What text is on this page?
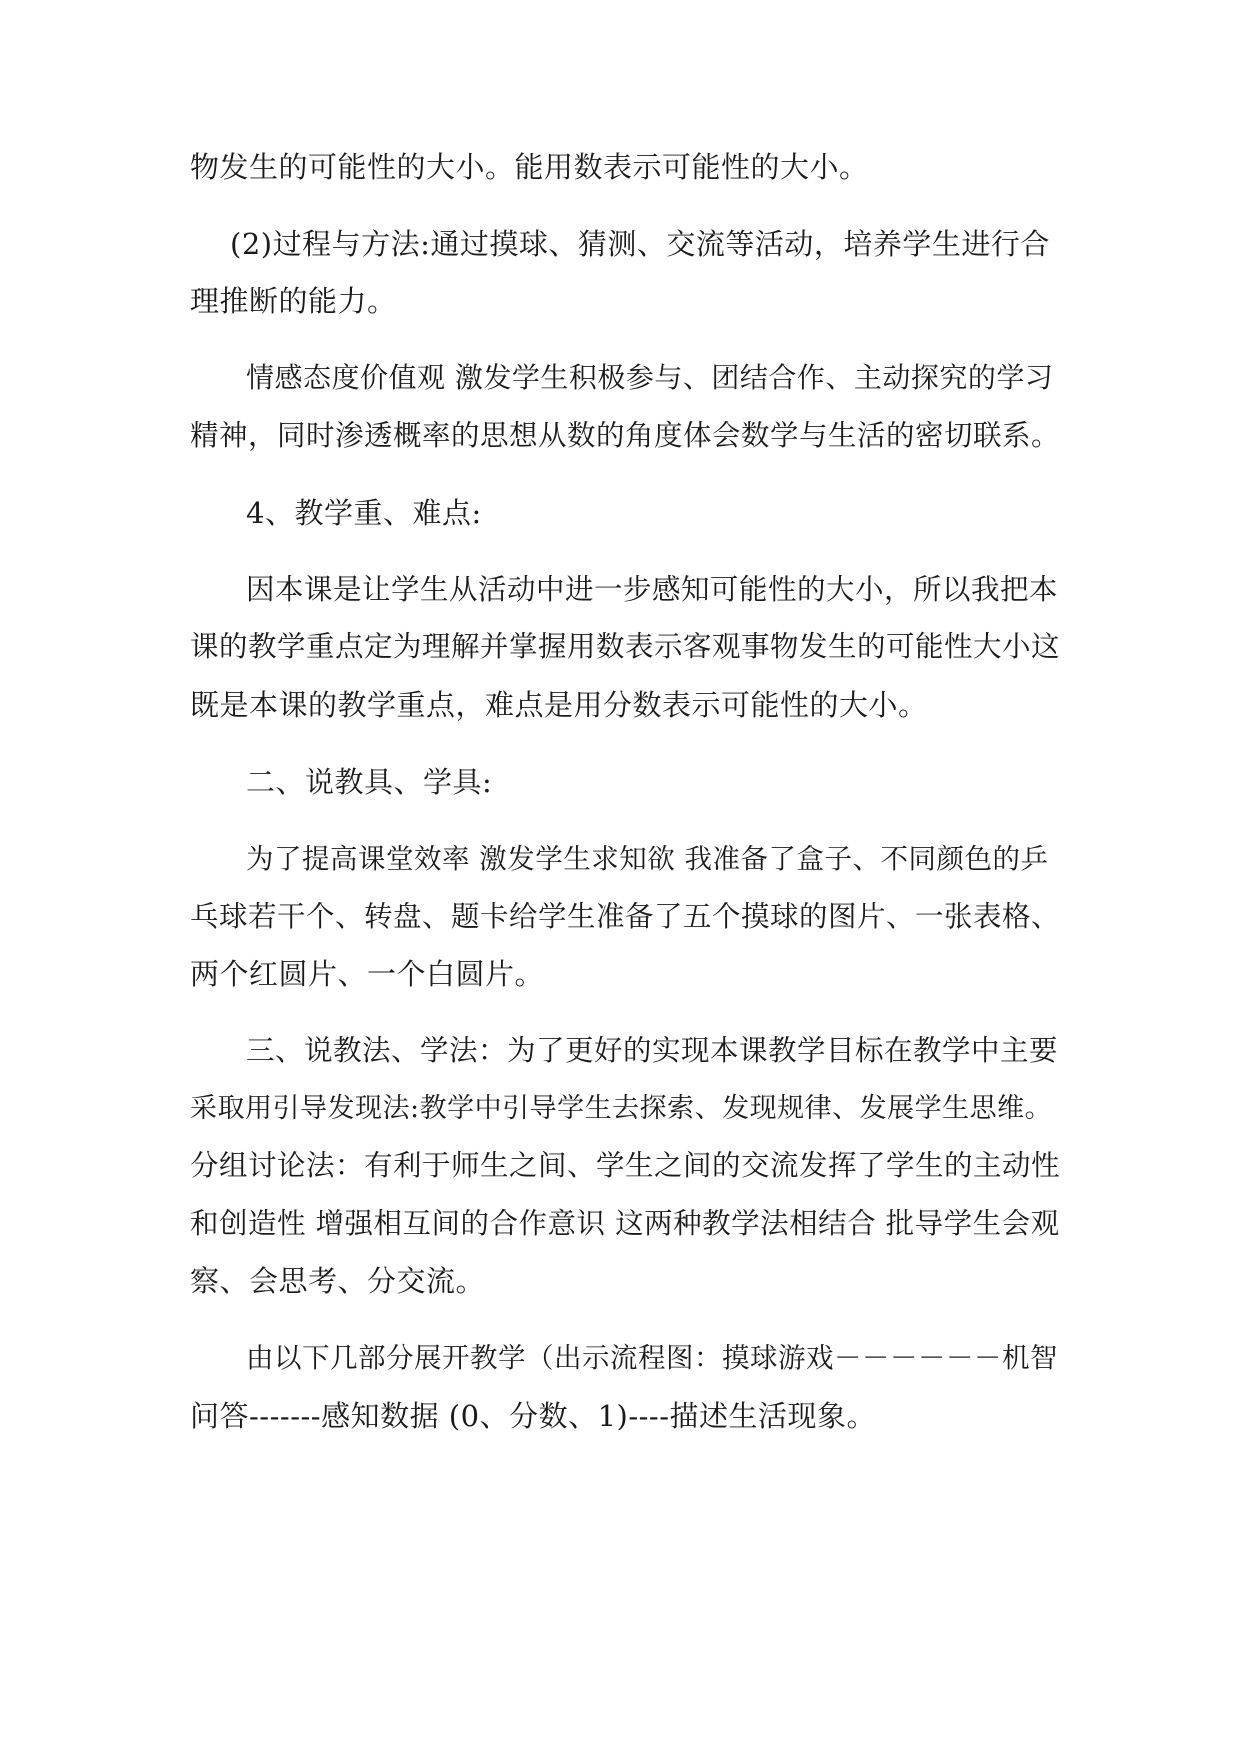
物发生的可能性的大小。能用数表示可能性的大小。
(2)过程与方法:通过摸球、猜测、交流等活动，培养学生进行合
理推断的能力。
情感态度价值观 激发学生积极参与、团结合作、主动探究的学习
精神，同时渗透概率的思想从数的角度体会数学与生活的密切联系。
4、教学重、难点:
因本课是让学生从活动中进一步感知可能性的大小，所以我把本
课的教学重点定为理解并掌握用数表示客观事物发生的可能性大小这
既是本课的教学重点，难点是用分数表示可能性的大小。
二、说教具、学具:
为了提高课堂效率 激发学生求知欲 我准备了盒子、不同颜色的乒
乓球若干个、转盘、题卡给学生准备了五个摸球的图片、一张表格、
两个红圆片、一个白圆片。
三、说教法、学法：为了更好的实现本课教学目标在教学中主要
采取用引导发现法:教学中引导学生去探索、发现规律、发展学生思维。
分组讨论法：有利于师生之间、学生之间的交流发挥了学生的主动性
和创造性 增强相互间的合作意识 这两种教学法相结合 批导学生会观
察、会思考、分交流。
由以下几部分展开教学（出示流程图：摸球游戏－－－－－－机智
问答-------感知数据 (0、分数、1)----描述生活现象。
